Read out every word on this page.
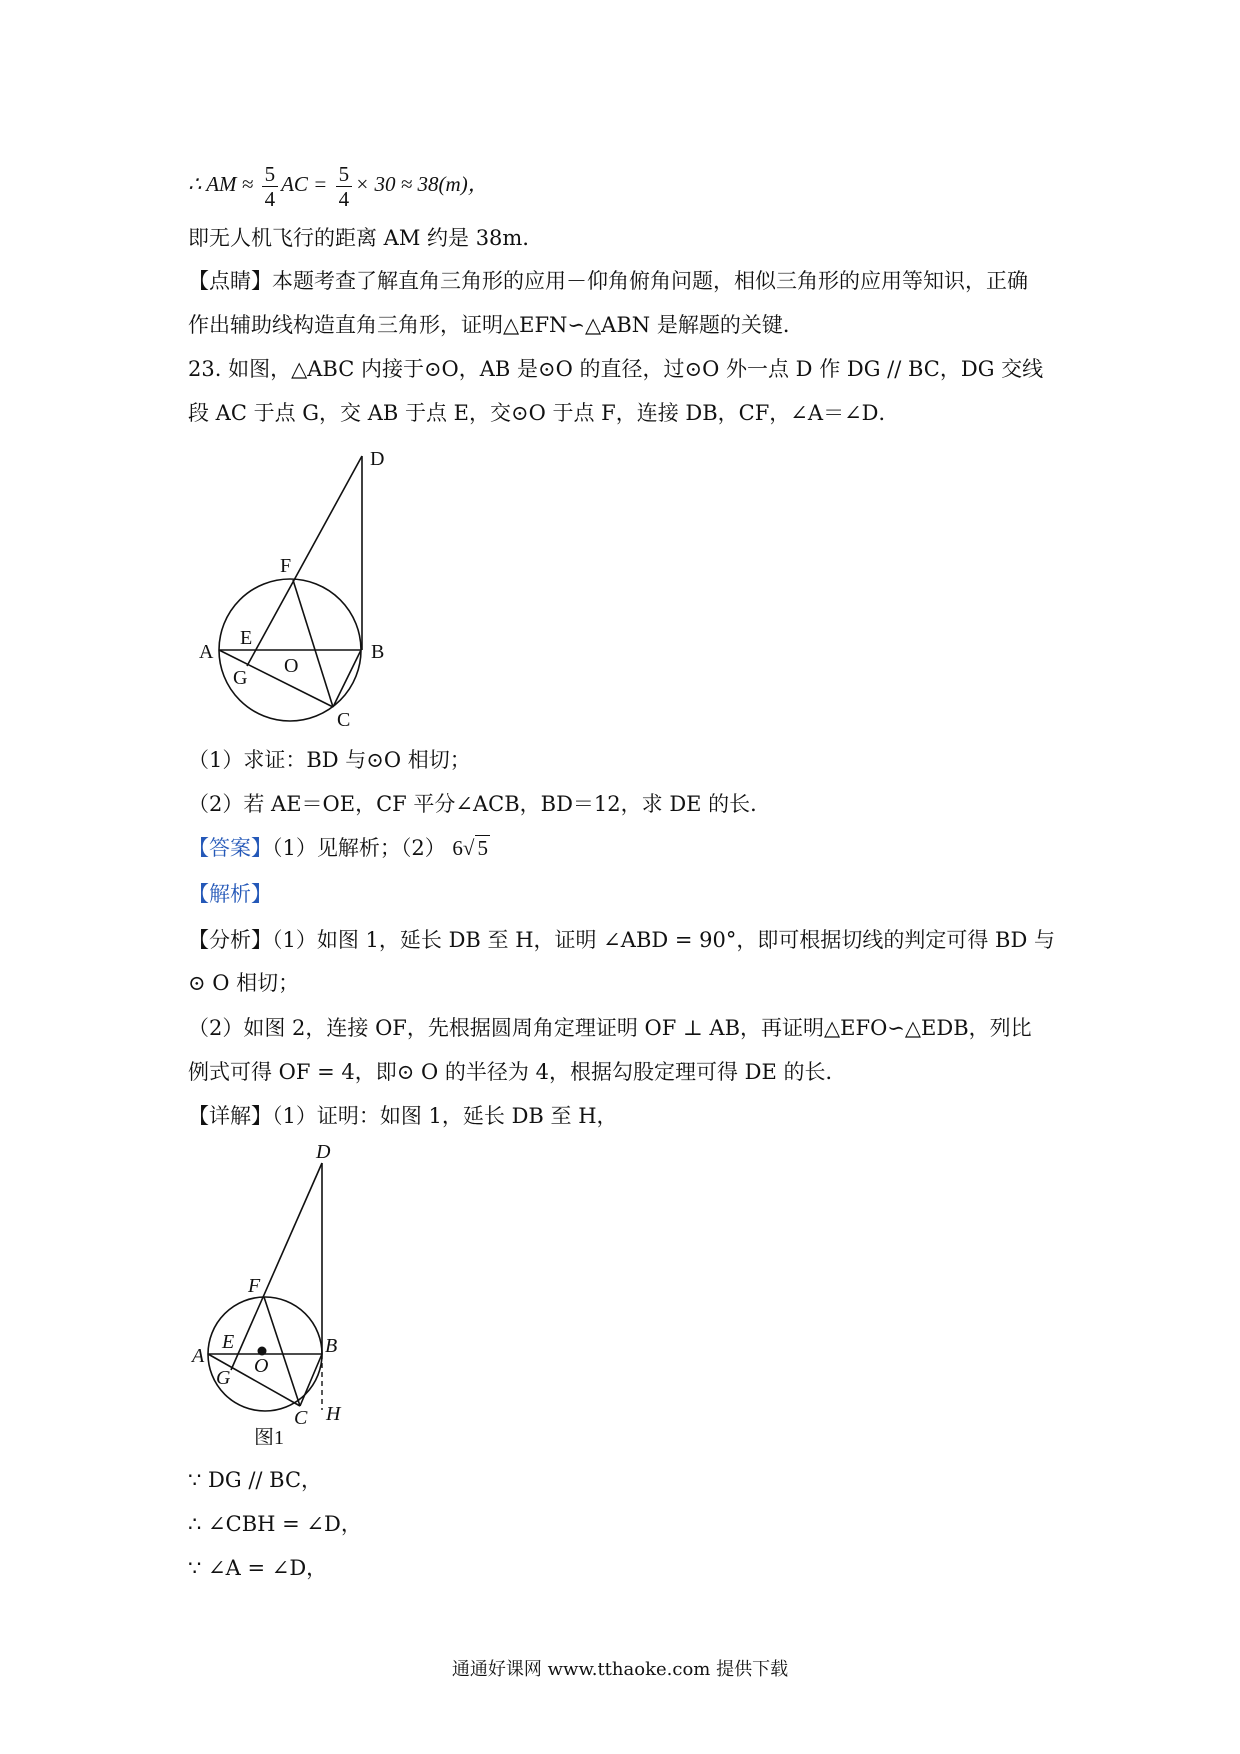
∴ AM ≈ $\frac{5}{4}$ AC = $\frac{5}{4} \times 30 \approx 38(m)$，
即无人机飞行的距离 AM 约是 38m．
【点睛】本题考查了解直角三角形的应用－仰角俯角问题，相似三角形的应用等知识，正确
作出辅助线构造直角三角形，证明△EFN∽△ABN 是解题的关键．
23. 如图，△ABC 内接于⊙O，AB 是⊙O 的直径，过⊙O 外一点 D 作 DG // BC，DG 交线
段 AC 于点 G，交 AB 于点 E，交⊙O 于点 F，连接 DB，CF，∠A＝∠D．
D
F
A
E
O
B
G
C
（1）求证：BD 与⊙O 相切；
（2）若 AE＝OE，CF 平分∠ACB，BD＝12，求 DE 的长．
【答案】（1）见解析；（2） 6√ 5
【解析】
【分析】（1）如图 1，延长 DB 至 H，证明 ∠ABD = 90°，即可根据切线的判定可得 BD 与
⊙ O 相切；
（2）如图 2，连接 OF，先根据圆周角定理证明 OF ⊥ AB，再证明△EFO∽△EDB，列比
例式可得 OF = 4，即⊙ O 的半径为 4，根据勾股定理可得 DE 的长．
【详解】（1）证明：如图 1，延长 DB 至 H，
D
F
A
E
O
B
G
C H
图1
∵ DG // BC，
∴ ∠CBH = ∠D，
∵ ∠A = ∠D，
通通好课网 www.tthaoke.com 提供下载
